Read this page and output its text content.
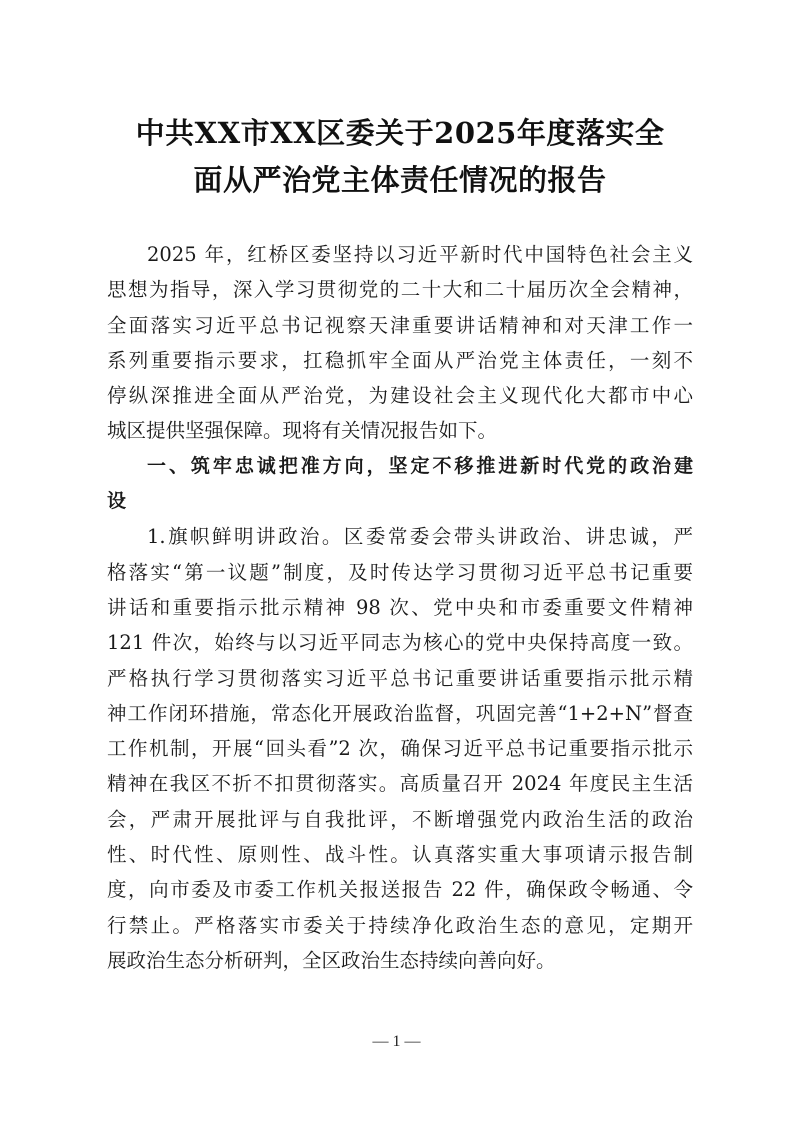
中共XX市XX区委关于2025年度落实全
面从严治党主体责任情况的报告
2025 年，红桥区委坚持以习近平新时代中国特色社会主义
思想为指导，深入学习贯彻党的二十大和二十届历次全会精神，
全面落实习近平总书记视察天津重要讲话精神和对天津工作一
系列重要指示要求，扛稳抓牢全面从严治党主体责任，一刻不
停纵深推进全面从严治党，为建设社会主义现代化大都市中心
城区提供坚强保障。现将有关情况报告如下。
一、筑牢忠诚把准方向，坚定不移推进新时代党的政治建
设
1.旗帜鲜明讲政治。区委常委会带头讲政治、讲忠诚，严
格落实“第一议题”制度，及时传达学习贯彻习近平总书记重要
讲话和重要指示批示精神 98 次、党中央和市委重要文件精神
121 件次，始终与以习近平同志为核心的党中央保持高度一致。
严格执行学习贯彻落实习近平总书记重要讲话重要指示批示精
神工作闭环措施，常态化开展政治监督，巩固完善“1+2+N”督查
工作机制，开展“回头看”2 次，确保习近平总书记重要指示批示
精神在我区不折不扣贯彻落实。高质量召开 2024 年度民主生活
会，严肃开展批评与自我批评，不断增强党内政治生活的政治
性、时代性、原则性、战斗性。认真落实重大事项请示报告制
度，向市委及市委工作机关报送报告 22 件，确保政令畅通、令
行禁止。严格落实市委关于持续净化政治生态的意见，定期开
展政治生态分析研判，全区政治生态持续向善向好。
— 1 —
